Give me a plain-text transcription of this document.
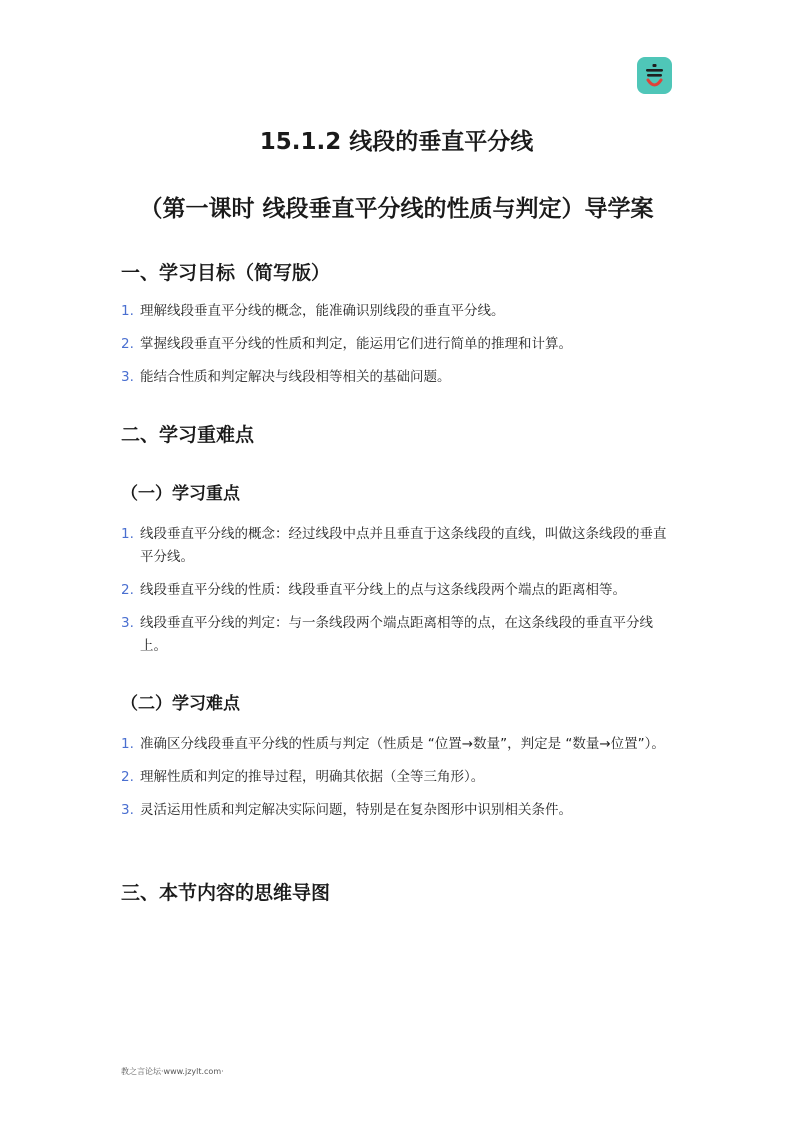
15.1.2 线段的垂直平分线
（第一课时 线段垂直平分线的性质与判定）导学案
一、学习目标（简写版）
1. 理解线段垂直平分线的概念，能准确识别线段的垂直平分线。
2. 掌握线段垂直平分线的性质和判定，能运用它们进行简单的推理和计算。
3. 能结合性质和判定解决与线段相等相关的基础问题。
二、学习重难点
（一）学习重点
1. 线段垂直平分线的概念：经过线段中点并且垂直于这条线段的直线，叫做这条线段的垂直平分线。
2. 线段垂直平分线的性质：线段垂直平分线上的点与这条线段两个端点的距离相等。
3. 线段垂直平分线的判定：与一条线段两个端点距离相等的点，在这条线段的垂直平分线上。
（二）学习难点
1. 准确区分线段垂直平分线的性质与判定（性质是 “位置→数量”，判定是 “数量→位置”）。
2. 理解性质和判定的推导过程，明确其依据（全等三角形）。
3. 灵活运用性质和判定解决实际问题，特别是在复杂图形中识别相关条件。
三、本节内容的思维导图
教之言论坛·www.jzylt.com·
